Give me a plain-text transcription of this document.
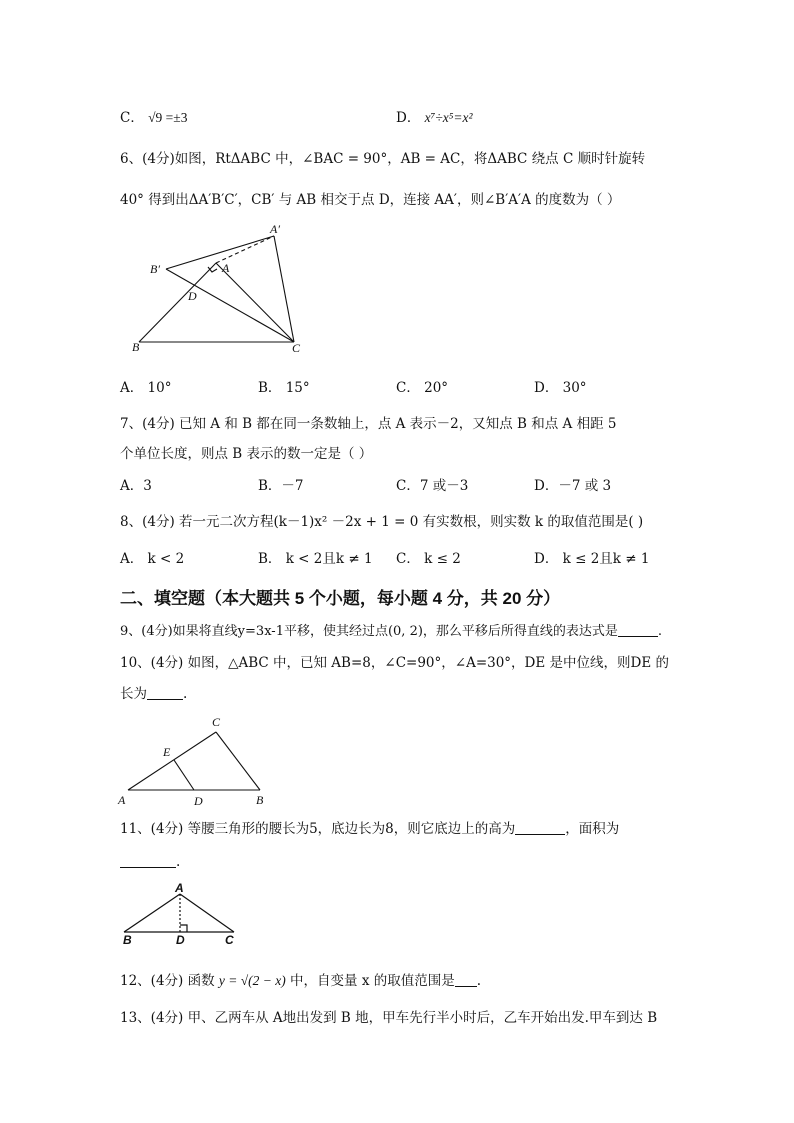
C． √9 =±3	D． x⁷÷x⁵=x²
6、(4分)如图，RtΔABC 中，∠BAC = 90°，AB = AC，将ΔABC 绕点 C 顺时针旋转
40° 得到出ΔA′B′C′，CB′ 与 AB 相交于点 D，连接 AA′，则∠B′A′A 的度数为（ ）
A′
B′	A
D
B	C
A． 10°	B． 15°	C． 20°	D． 30°
7、(4分) 已知 A 和 B 都在同一条数轴上，点 A 表示－2，又知点 B 和点 A 相距 5
个单位长度，则点 B 表示的数一定是（ ）
A．3	B．－7	C．7 或－3	D．－7 或 3
8、(4分) 若一元二次方程(k－1)x² －2x + 1 = 0 有实数根，则实数 k 的取值范围是( )
A． k < 2	B． k < 2且k ≠ 1 C． k ≤ 2	D． k ≤ 2且k ≠ 1
二、填空题（本大题共 5 个小题，每小题 4 分，共 20 分）
9、(4分)如果将直线y=3x-1平移，使其经过点(0, 2)，那么平移后所得直线的表达式是	.
10、(4分) 如图，△ABC 中，已知 AB=8，∠C=90°，∠A=30°，DE 是中位线，则DE 的
长为	.
C
E
A	D	B
11、(4分) 等腰三角形的腰长为5，底边长为8，则它底边上的高为	，面积为
.
A
B	D	C
12、(4分) 函数 y = √(2 − x) 中，自变量 x 的取值范围是 .
13、(4分) 甲、乙两车从 A地出发到 B 地，甲车先行半小时后，乙车开始出发.甲车到达 B
